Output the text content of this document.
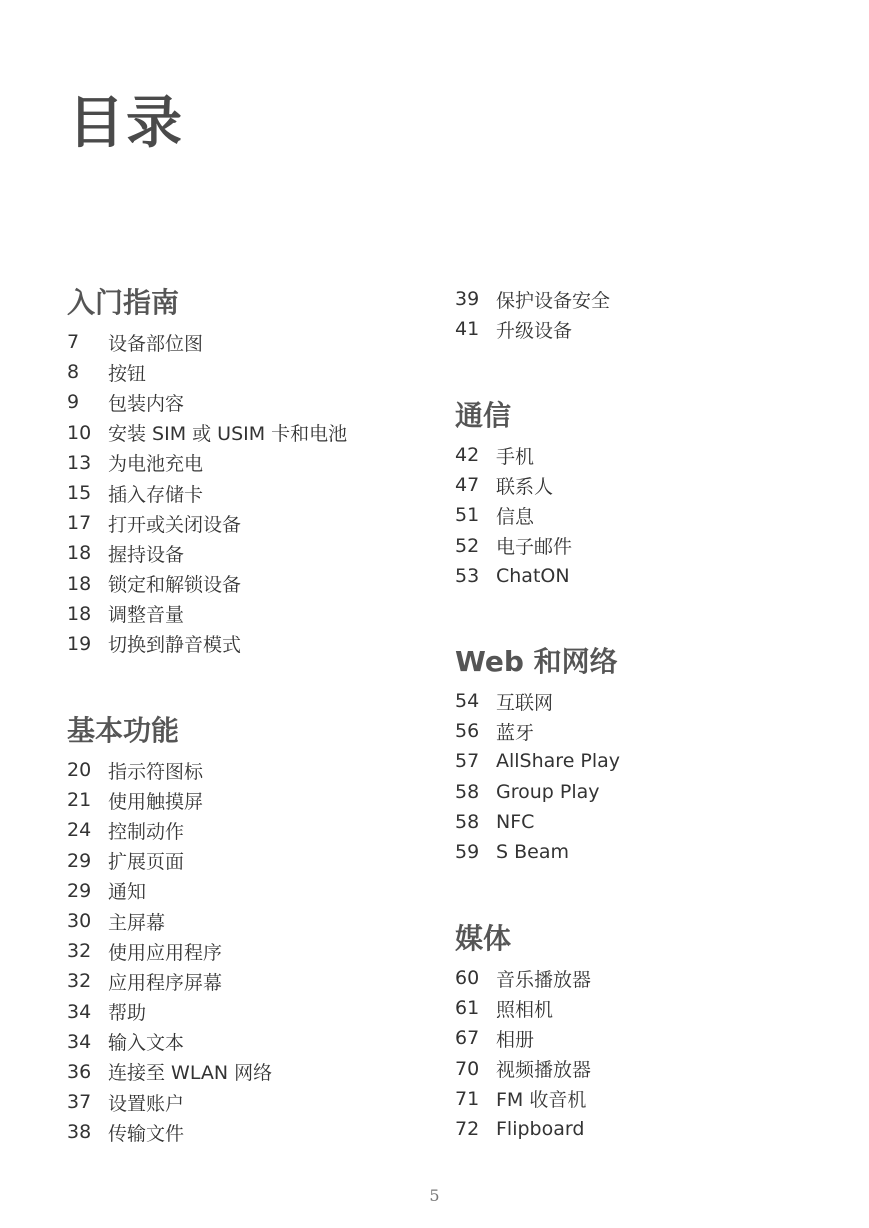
目录
入门指南
7	设备部位图
8	按钮
9	包装内容
10 安装 SIM 或 USIM 卡和电池
13 为电池充电
15 插入存储卡
17 打开或关闭设备
18 握持设备
18 锁定和解锁设备
18 调整音量
19 切换到静音模式
基本功能
20 指示符图标
21 使用触摸屏
24 控制动作
29 扩展页面
29 通知
30 主屏幕
32 使用应用程序
32 应用程序屏幕
34 帮助
34 输入文本
36 连接至 WLAN 网络
37 设置账户
38 传输文件
39 保护设备安全
41 升级设备
通信
42 手机
47 联系人
51 信息
52 电子邮件
53 ChatON
Web 和网络
54 互联网
56 蓝牙
57 AllShare Play
58 Group Play
58 NFC
59 S Beam
媒体
60 音乐播放器
61 照相机
67 相册
70 视频播放器
71 FM 收音机
72 Flipboard
5
